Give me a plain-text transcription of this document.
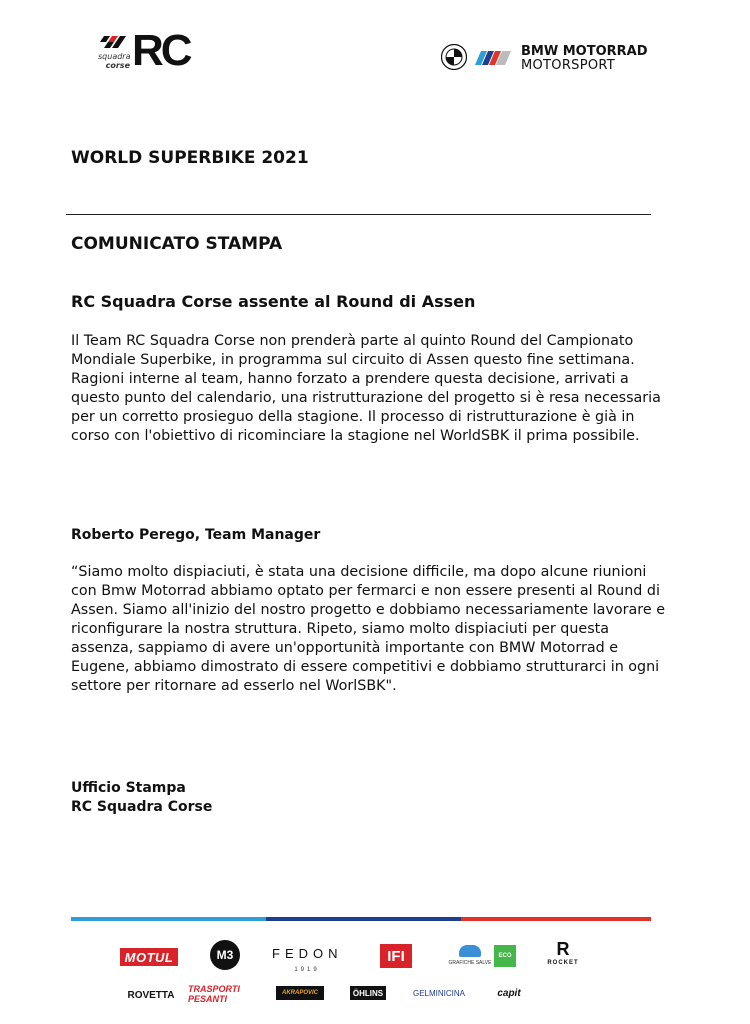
squadra
corse RC	BMW MOTORRAD
MOTORSPORT
WORLD SUPERBIKE 2021
COMUNICATO STAMPA
RC Squadra Corse assente al Round di Assen
Il Team RC Squadra Corse non prenderà parte al quinto Round del Campionato Mondiale Superbike, in programma sul circuito di Assen questo fine settimana. Ragioni interne al team, hanno forzato a prendere questa decisione, arrivati a questo punto del calendario, una ristrutturazione del progetto si è resa necessaria per un corretto prosieguo della stagione. Il processo di ristrutturazione è già in corso con l'obiettivo di ricominciare la stagione nel WorldSBK il prima possibile.
Roberto Perego, Team Manager
“Siamo molto dispiaciuti, è stata una decisione difficile, ma dopo alcune riunioni con Bmw Motorrad abbiamo optato per fermarci e non essere presenti al Round di Assen. Siamo all'inizio del nostro progetto e dobbiamo necessariamente lavorare e riconfigurare la nostra struttura. Ripeto, siamo molto dispiaciuti per questa assenza, sappiamo di avere un'opportunità importante con BMW Motorrad e Eugene, abbiamo dimostrato di essere competitivi e dobbiamo strutturarci in ogni settore per ritornare ad esserlo nel WorlSBK".
Ufficio Stampa
RC Squadra Corse
MOTUL	M3	FEDON
1919
IFI	GRAFICHE SALVE
ECO	R
ROCKET
ROVETTA
TRASPORTI PESANTI
AKRAPOVIC	ÖHLINS	GELMINICINA	capit
